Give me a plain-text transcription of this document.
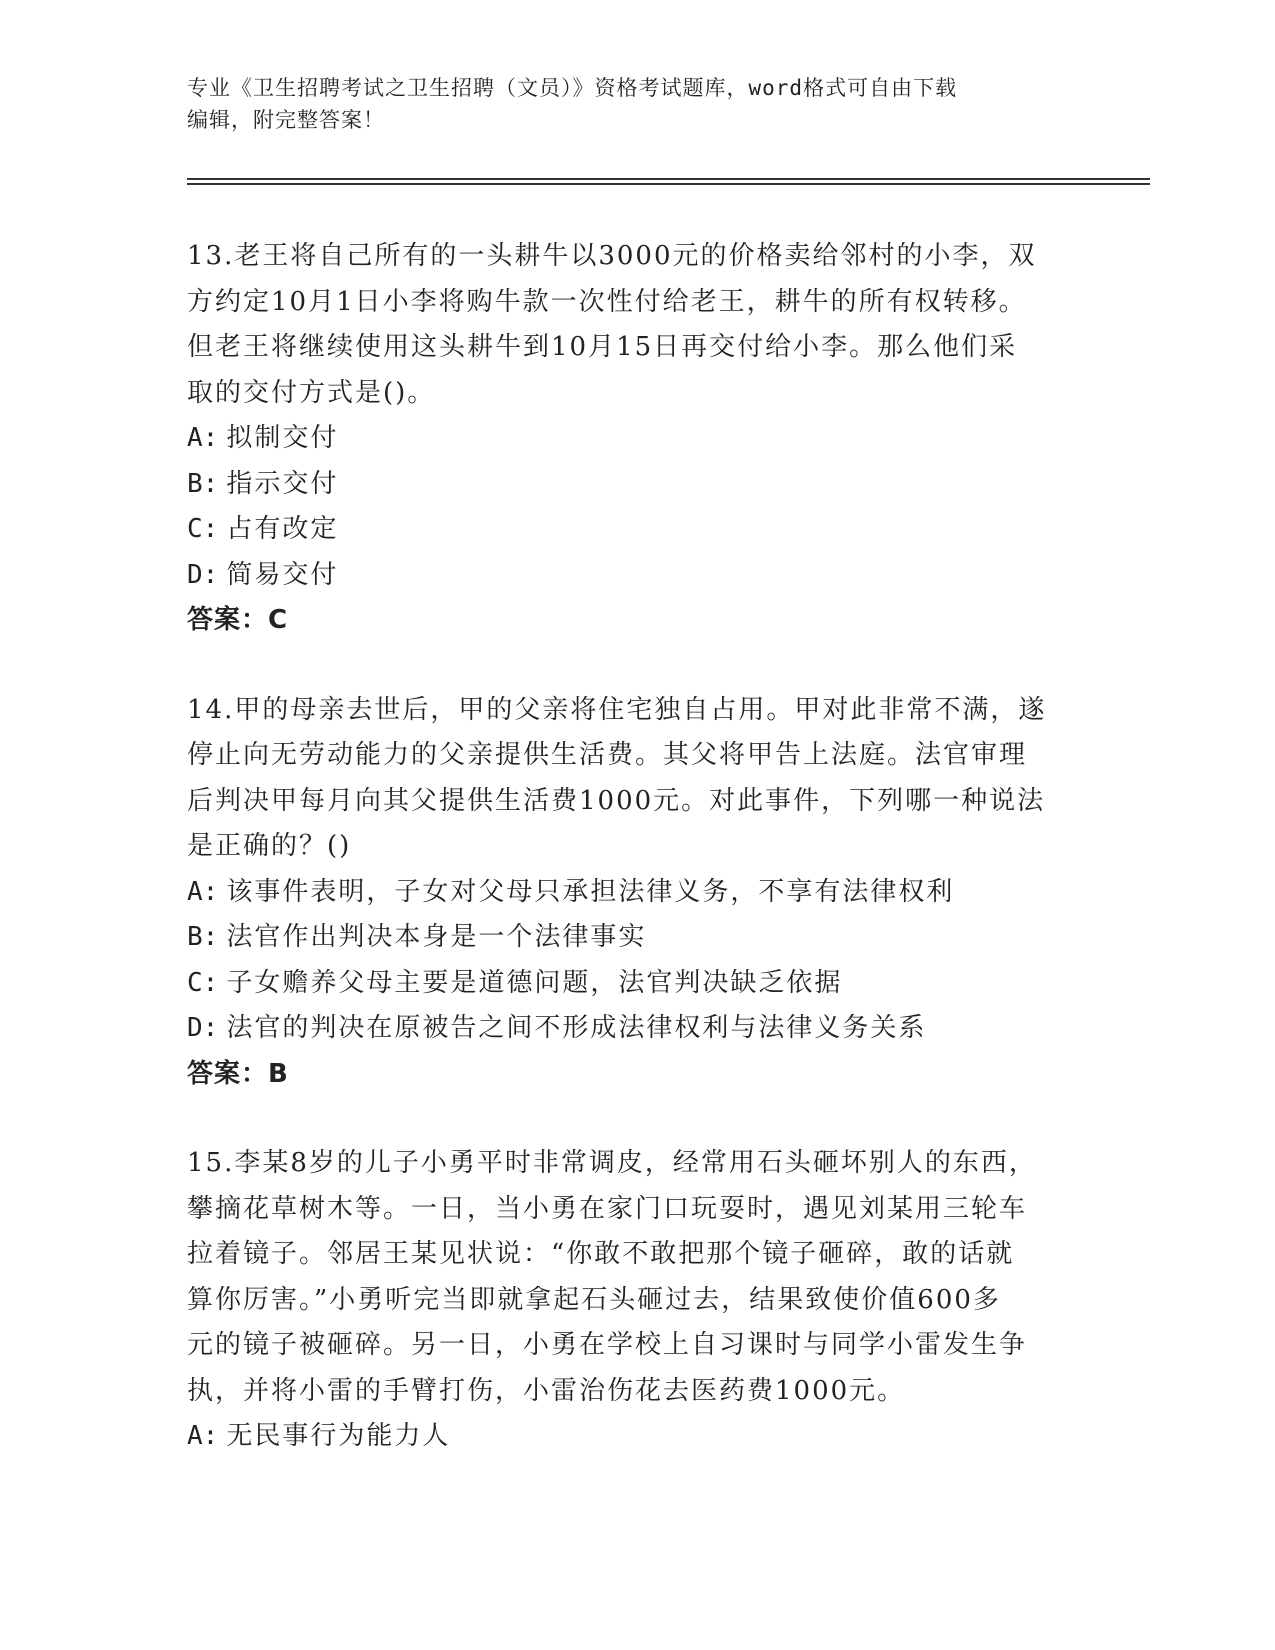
专业《卫生招聘考试之卫生招聘（文员）》资格考试题库，word格式可自由下载
编辑，附完整答案！
13.老王将自己所有的一头耕牛以3000元的价格卖给邻村的小李，双
方约定10月1日小李将购牛款一次性付给老王，耕牛的所有权转移。
但老王将继续使用这头耕牛到10月15日再交付给小李。那么他们采
取的交付方式是()。
A: 拟制交付
B: 指示交付
C: 占有改定
D: 简易交付
答案：C
14.甲的母亲去世后，甲的父亲将住宅独自占用。甲对此非常不满，遂
停止向无劳动能力的父亲提供生活费。其父将甲告上法庭。法官审理
后判决甲每月向其父提供生活费1000元。对此事件，下列哪一种说法
是正确的？()
A: 该事件表明，子女对父母只承担法律义务，不享有法律权利
B: 法官作出判决本身是一个法律事实
C: 子女赡养父母主要是道德问题，法官判决缺乏依据
D: 法官的判决在原被告之间不形成法律权利与法律义务关系
答案：B
15.李某8岁的儿子小勇平时非常调皮，经常用石头砸坏别人的东西，
攀摘花草树木等。一日，当小勇在家门口玩耍时，遇见刘某用三轮车
拉着镜子。邻居王某见状说：“你敢不敢把那个镜子砸碎，敢的话就
算你厉害。”小勇听完当即就拿起石头砸过去，结果致使价值600多
元的镜子被砸碎。另一日，小勇在学校上自习课时与同学小雷发生争
执，并将小雷的手臂打伤，小雷治伤花去医药费1000元。
A: 无民事行为能力人
